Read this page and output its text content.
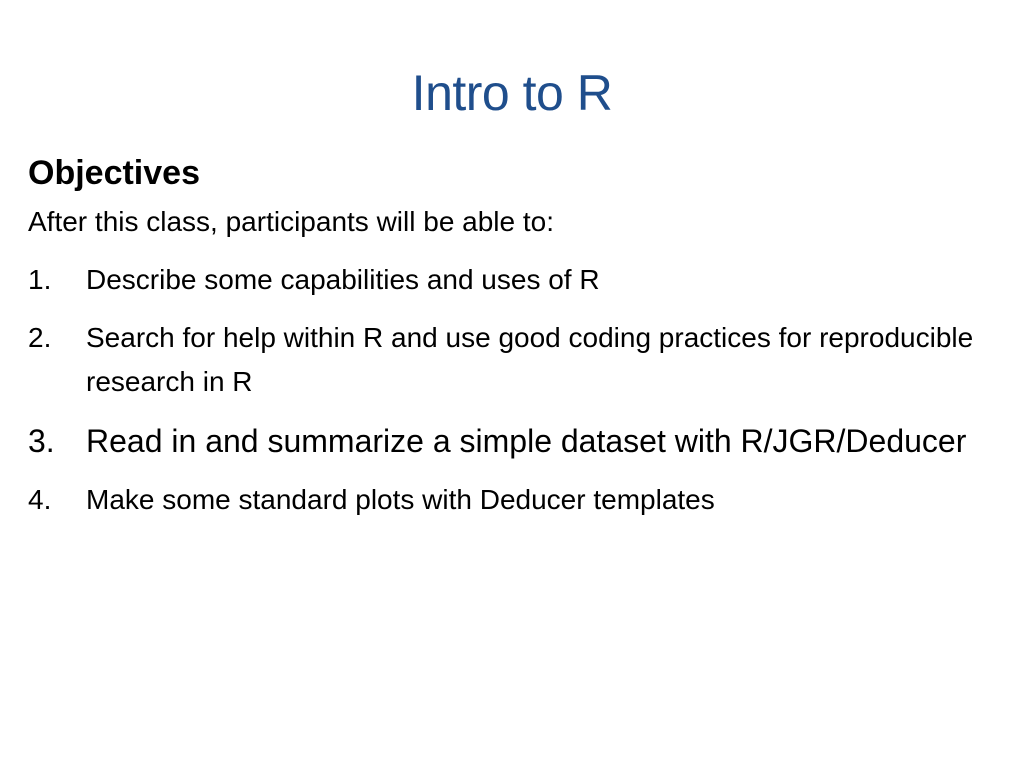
Intro to R
Objectives
After this class, participants will be able to:
1.	Describe some capabilities and uses of R
2.	Search for help within R and use good coding practices for reproducible research in R
3. Read in and summarize a simple dataset with R/JGR/Deducer
4.	Make some standard plots with Deducer templates
